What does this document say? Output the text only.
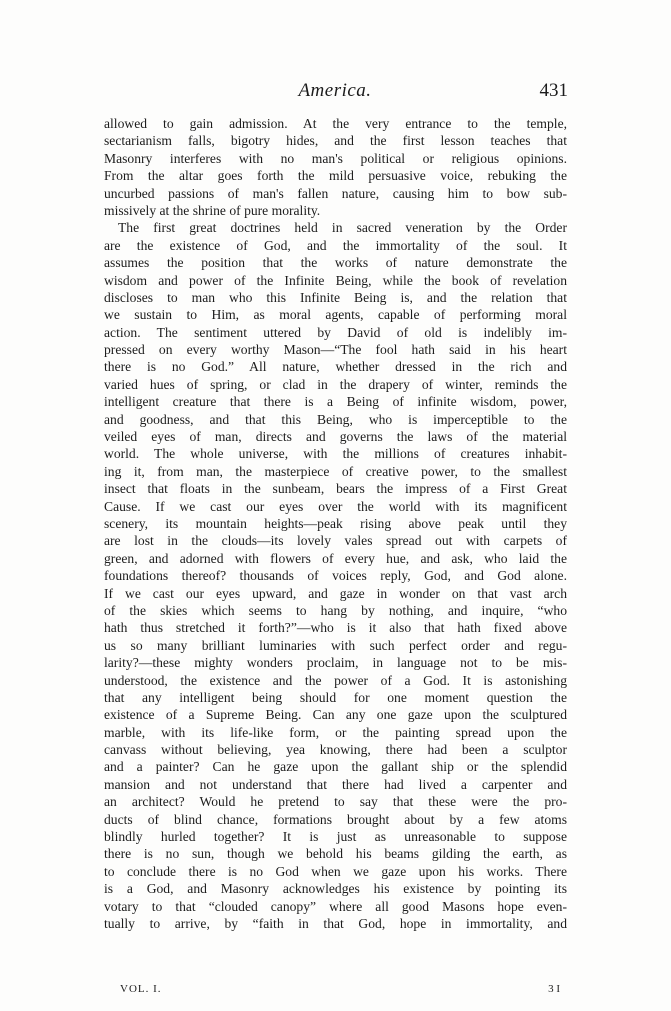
America.	431
allowed to gain admission. At the very entrance to the temple,
sectarianism falls, bigotry hides, and the first lesson teaches that
Masonry interferes with no man's political or religious opinions.
From the altar goes forth the mild persuasive voice, rebuking the
uncurbed passions of man's fallen nature, causing him to bow sub-
missively at the shrine of pure morality.
The first great doctrines held in sacred veneration by the Order
are the existence of God, and the immortality of the soul. It
assumes the position that the works of nature demonstrate the
wisdom and power of the Infinite Being, while the book of revelation
discloses to man who this Infinite Being is, and the relation that
we sustain to Him, as moral agents, capable of performing moral
action. The sentiment uttered by David of old is indelibly im-
pressed on every worthy Mason—“The fool hath said in his heart
there is no God.” All nature, whether dressed in the rich and
varied hues of spring, or clad in the drapery of winter, reminds the
intelligent creature that there is a Being of infinite wisdom, power,
and goodness, and that this Being, who is imperceptible to the
veiled eyes of man, directs and governs the laws of the material
world. The whole universe, with the millions of creatures inhabit-
ing it, from man, the masterpiece of creative power, to the smallest
insect that floats in the sunbeam, bears the impress of a First Great
Cause. If we cast our eyes over the world with its magnificent
scenery, its mountain heights—peak rising above peak until they
are lost in the clouds—its lovely vales spread out with carpets of
green, and adorned with flowers of every hue, and ask, who laid the
foundations thereof? thousands of voices reply, God, and God alone.
If we cast our eyes upward, and gaze in wonder on that vast arch
of the skies which seems to hang by nothing, and inquire, “who
hath thus stretched it forth?”—who is it also that hath fixed above
us so many brilliant luminaries with such perfect order and regu-
larity?—these mighty wonders proclaim, in language not to be mis-
understood, the existence and the power of a God. It is astonishing
that any intelligent being should for one moment question the
existence of a Supreme Being. Can any one gaze upon the sculptured
marble, with its life-like form, or the painting spread upon the
canvass without believing, yea knowing, there had been a sculptor
and a painter? Can he gaze upon the gallant ship or the splendid
mansion and not understand that there had lived a carpenter and
an architect? Would he pretend to say that these were the pro-
ducts of blind chance, formations brought about by a few atoms
blindly hurled together? It is just as unreasonable to suppose
there is no sun, though we behold his beams gilding the earth, as
to conclude there is no God when we gaze upon his works. There
is a God, and Masonry acknowledges his existence by pointing its
votary to that “clouded canopy” where all good Masons hope even-
tually to arrive, by “faith in that God, hope in immortality, and
VOL. I.	3 I
